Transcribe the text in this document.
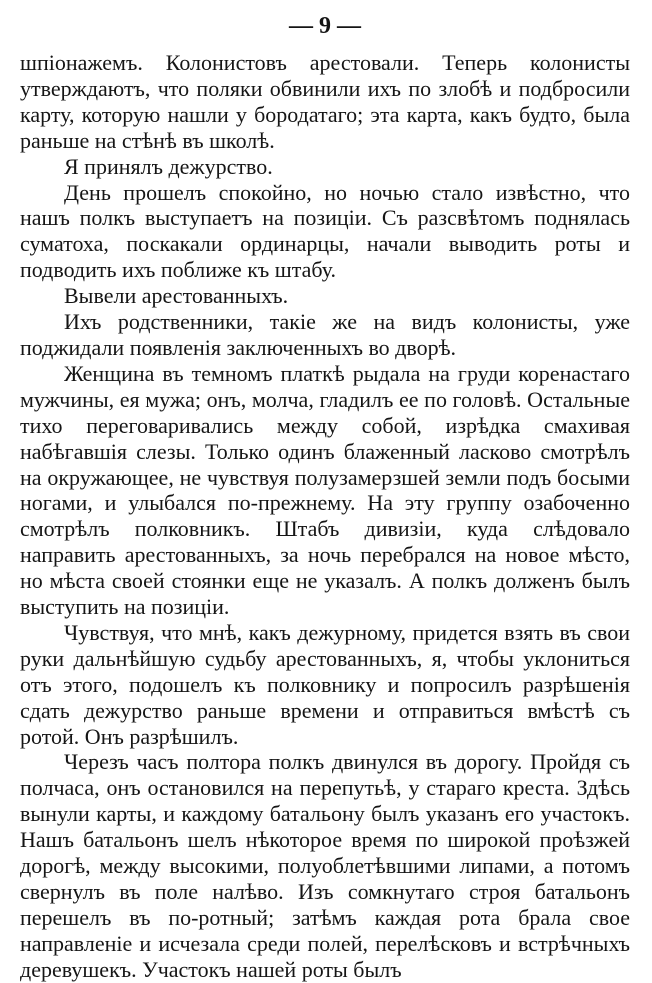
— 9 —

шпіонажемъ. Колонистовъ арестовали. Теперь колонисты утверждаютъ, что поляки обвинили ихъ по злобѣ и подбросили карту, которую нашли у бородатаго; эта карта, какъ будто, была раньше на стѣнѣ въ школѣ.

Я принялъ дежурство.

День прошелъ спокойно, но ночью стало извѣстно, что нашъ полкъ выступаетъ на позиціи. Съ разсвѣтомъ поднялась суматоха, поскакали ординарцы, начали выводить роты и подводить ихъ поближе къ штабу.

Вывели арестованныхъ.

Ихъ родственники, такіе же на видъ колонисты, уже поджидали появленія заключенныхъ во дворѣ.

Женщина въ темномъ платкѣ рыдала на груди коренастаго мужчины, ея мужа; онъ, молча, гладилъ ее по головѣ. Остальные тихо переговаривались между собой, изрѣдка смахивая набѣгавшія слезы. Только одинъ блаженный ласково смотрѣлъ на окружающее, не чувствуя полузамерзшей земли подъ босыми ногами, и улыбался по-прежнему. На эту группу озабоченно смотрѣлъ полковникъ. Штабъ дивизіи, куда слѣдовало направить арестованныхъ, за ночь перебрался на новое мѣсто, но мѣста своей стоянки еще не указалъ. А полкъ долженъ былъ выступить на позиціи.

Чувствуя, что мнѣ, какъ дежурному, придется взять въ свои руки дальнѣйшую судьбу арестованныхъ, я, чтобы уклониться отъ этого, подошелъ къ полковнику и попросилъ разрѣшенія сдать дежурство раньше времени и отправиться вмѣстѣ съ ротой. Онъ разрѣшилъ.

Черезъ часъ полтора полкъ двинулся въ дорогу. Пройдя съ полчаса, онъ остановился на перепутьѣ, у стараго креста. Здѣсь вынули карты, и каждому батальону былъ указанъ его участокъ. Нашъ батальонъ шелъ нѣкоторое время по широкой проѣзжей дорогѣ, между высокими, полуоблетѣвшими липами, а потомъ свернулъ въ поле налѣво. Изъ сомкнутаго строя батальонъ перешелъ въ по-ротный; затѣмъ каждая рота брала свое направленіе и исчезала среди полей, перелѣсковъ и встрѣчныхъ деревушекъ. Участокъ нашей роты былъ
